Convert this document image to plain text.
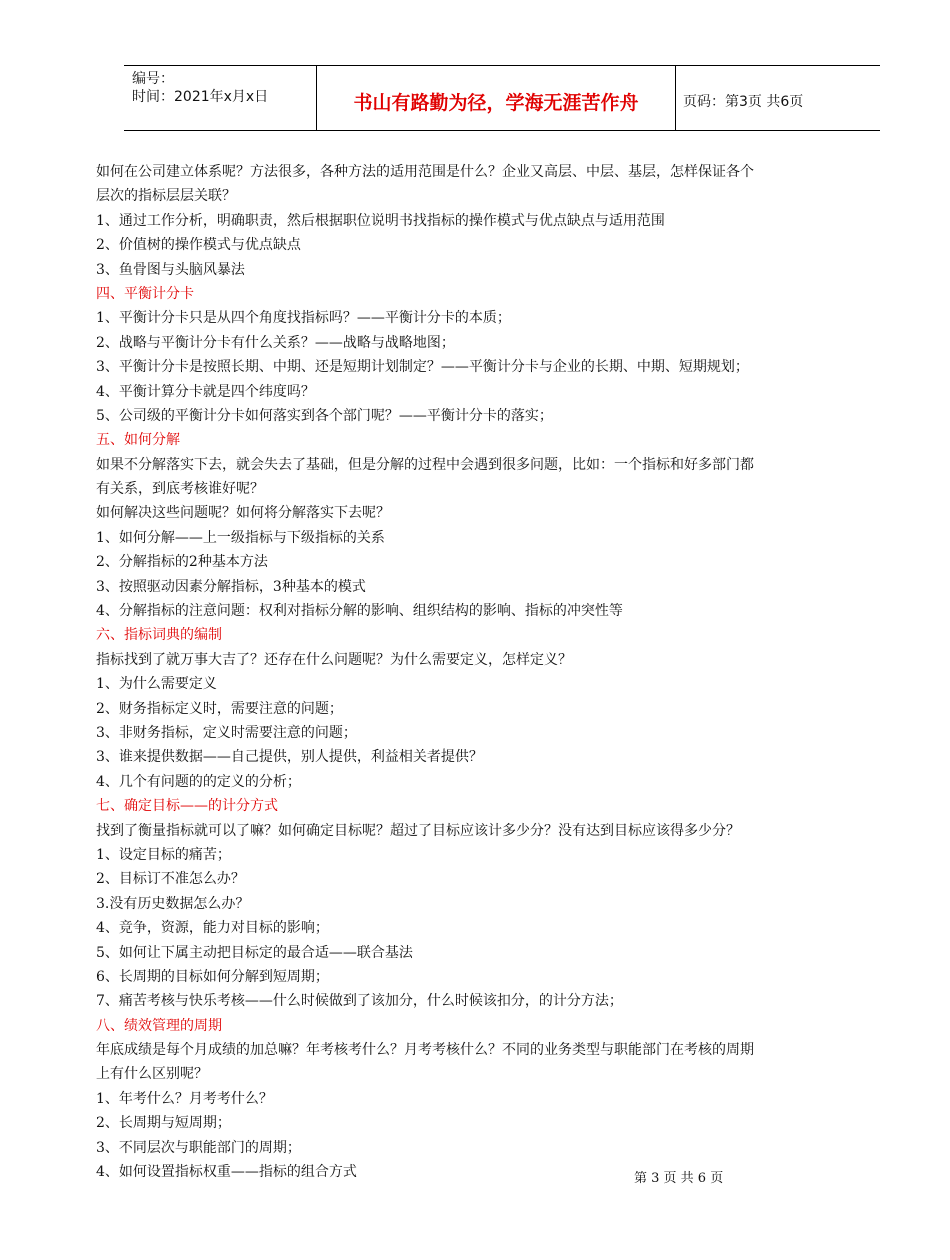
编号：
时间：2021年x月x日	书山有路勤为径，学海无涯苦作舟	页码：第3页 共6页
如何在公司建立体系呢？方法很多，各种方法的适用范围是什么？企业又高层、中层、基层，怎样保证各个
层次的指标层层关联？
1、通过工作分析，明确职责，然后根据职位说明书找指标的操作模式与优点缺点与适用范围
2、价值树的操作模式与优点缺点
3、鱼骨图与头脑风暴法
四、平衡计分卡
1、平衡计分卡只是从四个角度找指标吗？——平衡计分卡的本质；
2、战略与平衡计分卡有什么关系？——战略与战略地图；
3、平衡计分卡是按照长期、中期、还是短期计划制定？——平衡计分卡与企业的长期、中期、短期规划；
4、平衡计算分卡就是四个纬度吗？
5、公司级的平衡计分卡如何落实到各个部门呢？——平衡计分卡的落实；
五、如何分解
如果不分解落实下去，就会失去了基础，但是分解的过程中会遇到很多问题，比如：一个指标和好多部门都
有关系，到底考核谁好呢？
如何解决这些问题呢？如何将分解落实下去呢？
1、如何分解——上一级指标与下级指标的关系
2、分解指标的2种基本方法
3、按照驱动因素分解指标，3种基本的模式
4、分解指标的注意问题：权利对指标分解的影响、组织结构的影响、指标的冲突性等
六、指标词典的编制
指标找到了就万事大吉了？还存在什么问题呢？为什么需要定义，怎样定义？
1、为什么需要定义
2、财务指标定义时，需要注意的问题；
3、非财务指标，定义时需要注意的问题；
3、谁来提供数据——自己提供，别人提供，利益相关者提供？
4、几个有问题的的定义的分析；
七、确定目标——的计分方式
找到了衡量指标就可以了嘛？如何确定目标呢？超过了目标应该计多少分？没有达到目标应该得多少分？
1、设定目标的痛苦；
2、目标订不准怎么办？
3.没有历史数据怎么办？
4、竞争，资源，能力对目标的影响；
5、如何让下属主动把目标定的最合适——联合基法
6、长周期的目标如何分解到短周期；
7、痛苦考核与快乐考核——什么时候做到了该加分，什么时候该扣分，的计分方法；
八、绩效管理的周期
年底成绩是每个月成绩的加总嘛？年考核考什么？月考考核什么？不同的业务类型与职能部门在考核的周期
上有什么区别呢？
1、年考什么？月考考什么？
2、长周期与短周期；
3、不同层次与职能部门的周期；
4、如何设置指标权重——指标的组合方式	第 3 页 共 6 页
